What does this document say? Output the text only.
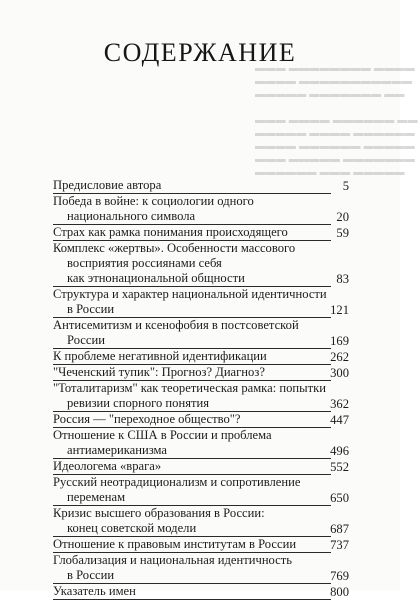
▬▬▬ ▬▬▬▬▬▬▬▬ ▬▬▬▬
▬▬▬▬ ▬▬▬▬▬▬▬▬▬▬▬
▬▬▬▬▬ ▬▬▬▬▬▬▬ ▬▬
▬▬▬ ▬▬▬▬ ▬▬▬▬▬▬ ▬▬
▬▬▬▬▬ ▬▬▬▬ ▬▬▬▬▬▬
▬▬▬▬ ▬▬▬▬▬▬ ▬▬▬▬▬
▬▬▬ ▬▬▬▬▬ ▬▬▬▬▬▬▬
▬▬▬▬▬▬ ▬▬▬ ▬▬▬▬▬
СОДЕРЖАНИЕ
Предисловие автора	5
Победа в войне: к социологии одного
национального символа	20
Страх как рамка понимания происходящего	59
Комплекс «жертвы». Особенности массового
восприятия россиянами себя
как этнонациональной общности	83
Структура и характер национальной идентичности
в России	121
Антисемитизм и ксенофобия в постсоветской
России	169
К проблеме негативной идентификации	262
"Чеченский тупик": Прогноз? Диагноз?	300
"Тоталитаризм" как теоретическая рамка: попытки
ревизии спорного понятия	362
Россия — "переходное общество"?	447
Отношение к США в России и проблема
антиамериканизма	496
Идеологема «врага»	552
Русский неотрадиционализм и сопротивление
переменам	650
Кризис высшего образования в России:
конец советской модели	687
Отношение к правовым институтам в России	737
Глобализация и национальная идентичность
в России	769
Указатель имен	800
